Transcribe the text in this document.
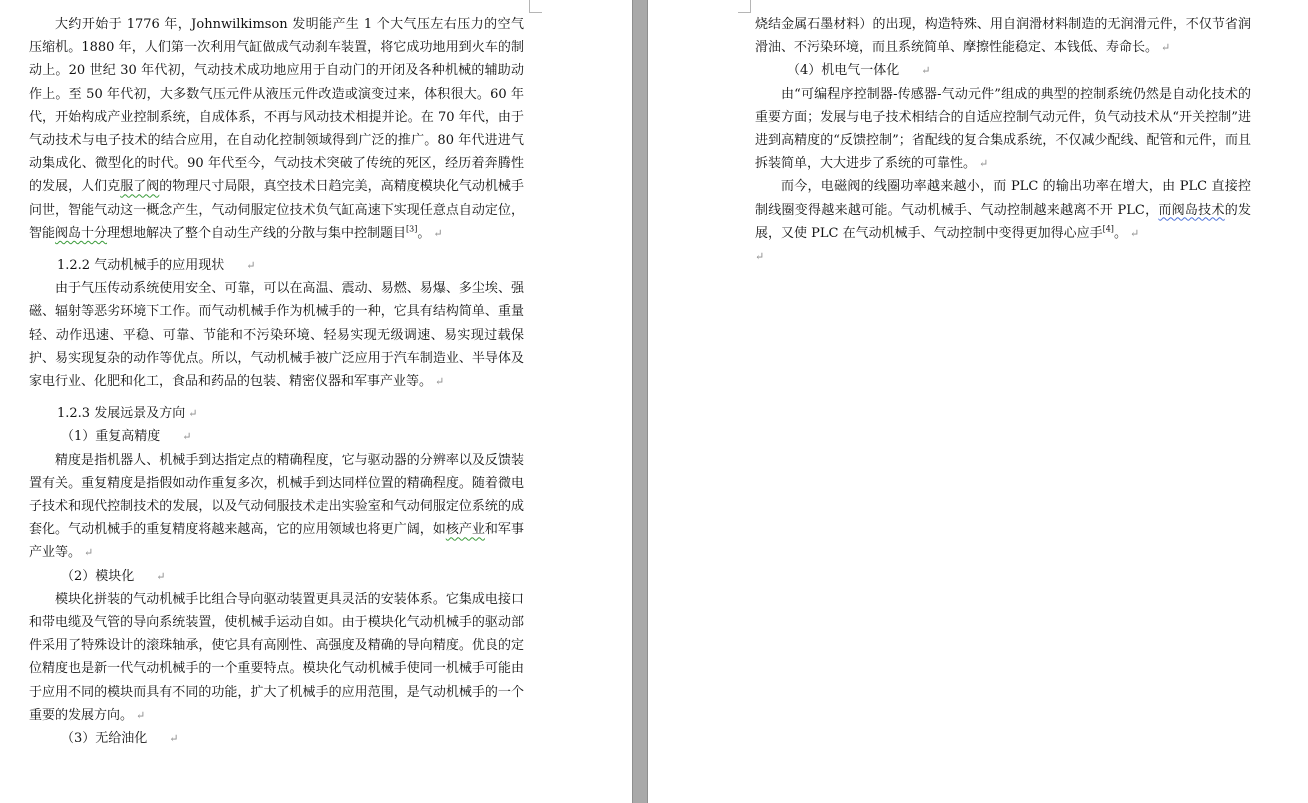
大约开始于 1776 年，Johnwilkimson 发明能产生 1 个大气压左右压力的空气压缩机。1880 年，人们第一次利用气缸做成气动刹车装置，将它成功地用到火车的制动上。20 世纪 30 年代初，气动技术成功地应用于自动门的开闭及各种机械的辅助动作上。至 50 年代初，大多数气压元件从液压元件改造或演变过来，体积很大。60 年代，开始构成产业控制系统，自成体系，不再与风动技术相提并论。在 70 年代，由于气动技术与电子技术的结合应用，在自动化控制领域得到广泛的推广。80 年代进进气动集成化、微型化的时代。90 年代至今，气动技术突破了传统的死区，经历着奔腾性的发展，人们克服了阀的物理尺寸局限，真空技术日趋完美，高精度模块化气动机械手问世，智能气动这一概念产生，气动伺服定位技术负气缸高速下实现任意点自动定位，智能阀岛十分理想地解决了整个自动生产线的分散与集中控制题目[3]。 ↵

1.2.2 气动机械手的应用现状 ↵

由于气压传动系统使用安全、可靠，可以在高温、震动、易燃、易爆、多尘埃、强磁、辐射等恶劣环境下工作。而气动机械手作为机械手的一种，它具有结构简单、重量轻、动作迅速、平稳、可靠、节能和不污染环境、轻易实现无级调速、易实现过载保护、易实现复杂的动作等优点。所以，气动机械手被广泛应用于汽车制造业、半导体及家电行业、化肥和化工，食品和药品的包装、精密仪器和军事产业等。 ↵

1.2.3 发展远景及方向 ↵

（1）重复高精度 ↵

精度是指机器人、机械手到达指定点的精确程度，它与驱动器的分辨率以及反馈装置有关。重复精度是指假如动作重复多次，机械手到达同样位置的精确程度。随着微电子技术和现代控制技术的发展，以及气动伺服技术走出实验室和气动伺服定位系统的成套化。气动机械手的重复精度将越来越高，它的应用领域也将更广阔，如核产业和军事产业等。 ↵

（2）模块化 ↵

模块化拼装的气动机械手比组合导向驱动装置更具灵活的安装体系。它集成电接口和带电缆及气管的导向系统装置，使机械手运动自如。由于模块化气动机械手的驱动部件采用了特殊设计的滚珠轴承，使它具有高刚性、高强度及精确的导向精度。优良的定位精度也是新一代气动机械手的一个重要特点。模块化气动机械手使同一机械手可能由于应用不同的模块而具有不同的功能，扩大了机械手的应用范围，是气动机械手的一个重要的发展方向。 ↵

（3）无给油化 ↵

烧结金属石墨材料）的出现，构造特殊、用自润滑材料制造的无润滑元件，不仅节省润滑油、不污染环境，而且系统简单、摩擦性能稳定、本钱低、寿命长。 ↵

（4）机电气一体化 ↵

由“可编程序控制器-传感器-气动元件”组成的典型的控制系统仍然是自动化技术的重要方面；发展与电子技术相结合的自适应控制气动元件，负气动技术从“开关控制”进进到高精度的“反馈控制”；省配线的复合集成系统，不仅减少配线、配管和元件，而且拆装简单，大大进步了系统的可靠性。 ↵

而今，电磁阀的线圈功率越来越小，而 PLC 的输出功率在增大，由 PLC 直接控制线圈变得越来越可能。气动机械手、气动控制越来越离不开 PLC，而阀岛技术的发展，又使 PLC 在气动机械手、气动控制中变得更加得心应手[4]。 ↵

↵
